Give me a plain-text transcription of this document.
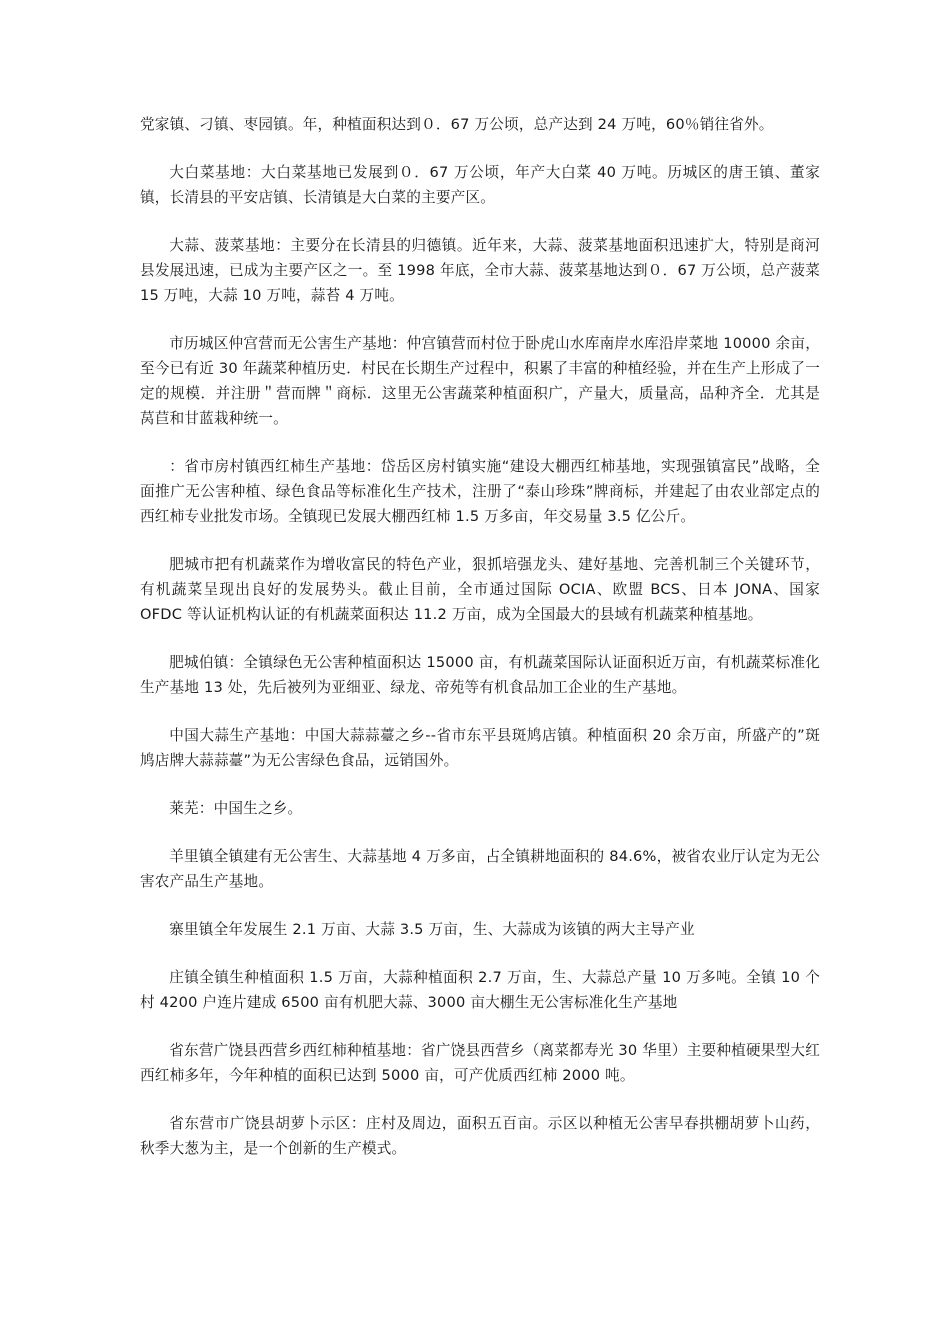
党家镇、刁镇、枣园镇。年，种植面积达到０．67 万公顷，总产达到 24 万吨，60％销往省外。

大白菜基地：大白菜基地已发展到０．67 万公顷，年产大白菜 40 万吨。历城区的唐王镇、董家镇，长清县的平安店镇、长清镇是大白菜的主要产区。

大蒜、菠菜基地：主要分在长清县的归德镇。近年来，大蒜、菠菜基地面积迅速扩大，特别是商河县发展迅速，已成为主要产区之一。至 1998 年底，全市大蒜、菠菜基地达到０．67 万公顷，总产菠菜 15 万吨，大蒜 10 万吨，蒜苔 4 万吨。

市历城区仲宫营而无公害生产基地：仲宫镇营而村位于卧虎山水库南岸水库沿岸菜地 10000 余亩，至今已有近 30 年蔬菜种植历史．村民在长期生产过程中，积累了丰富的种植经验，并在生产上形成了一定的规模．并注册＂营而牌＂商标．这里无公害蔬菜种植面积广，产量大，质量高，品种齐全．尤其是莴苣和甘蓝栽种统一。

：省市房村镇西红柿生产基地：岱岳区房村镇实施“建设大棚西红柿基地，实现强镇富民”战略，全面推广无公害种植、绿色食品等标准化生产技术，注册了“泰山珍珠”牌商标，并建起了由农业部定点的西红柿专业批发市场。全镇现已发展大棚西红柿 1.5 万多亩，年交易量 3.5 亿公斤。

肥城市把有机蔬菜作为增收富民的特色产业，狠抓培强龙头、建好基地、完善机制三个关键环节，有机蔬菜呈现出良好的发展势头。截止目前，全市通过国际 OCIA、欧盟 BCS、日本 JONA、国家 OFDC 等认证机构认证的有机蔬菜面积达 11.2 万亩，成为全国最大的县域有机蔬菜种植基地。

肥城伯镇：全镇绿色无公害种植面积达 15000 亩，有机蔬菜国际认证面积近万亩，有机蔬菜标准化生产基地 13 处，先后被列为亚细亚、绿龙、帝苑等有机食品加工企业的生产基地。

中国大蒜生产基地：中国大蒜蒜薹之乡--省市东平县斑鸠店镇。种植面积 20 余万亩，所盛产的”斑鸠店牌大蒜蒜薹”为无公害绿色食品，远销国外。

莱芜：中国生之乡。

羊里镇全镇建有无公害生、大蒜基地 4 万多亩，占全镇耕地面积的 84.6%，被省农业厅认定为无公害农产品生产基地。

寨里镇全年发展生 2.1 万亩、大蒜 3.5 万亩，生、大蒜成为该镇的两大主导产业

庄镇全镇生种植面积 1.5 万亩，大蒜种植面积 2.7 万亩，生、大蒜总产量 10 万多吨。全镇 10 个村 4200 户连片建成 6500 亩有机肥大蒜、3000 亩大棚生无公害标准化生产基地

省东营广饶县西营乡西红柿种植基地：省广饶县西营乡（离菜都寿光 30 华里）主要种植硬果型大红西红柿多年，今年种植的面积已达到 5000 亩，可产优质西红柿 2000 吨。

省东营市广饶县胡萝卜示区：庄村及周边，面积五百亩。示区以种植无公害早春拱棚胡萝卜山药，秋季大葱为主，是一个创新的生产模式。
